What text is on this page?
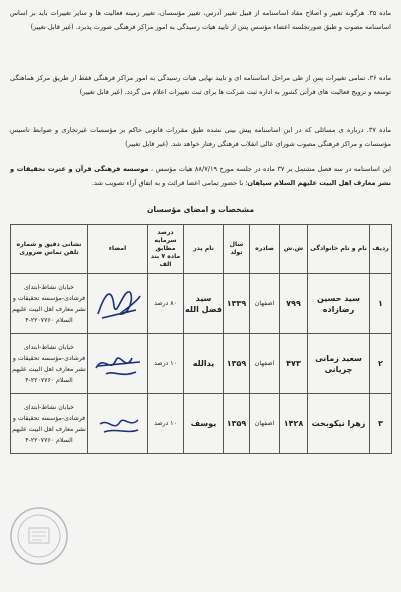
ماده ۳۵. هرگونه تغییر و اصلاح مفاد اساسنامه از قبیل تغییر آدرس، تغییر مؤسسان، تغییر زمینه فعالیت ها و سایر تغییرات باید بر اساس اساسنامه مصوب و طبق صورتجلسه اعضاء مؤسس پس از تایید هیات رسیدگی به امور مراکز فرهنگی صورت پذیرد. (غیر قابل تغییر)
ماده ۳۶. تمامی تغییرات پس از طی مراحل اساسنامه ای و تایید نهایی هیات رسیدگی به امور مراکز فرهنگی فقط از طریق مرکز هماهنگی توسعه و ترویج فعالیت های قرآنی کشور به اداره ثبت شرکت ها برای ثبت تغییرات اعلام می گردد. (غیر قابل تغییر)
ماده ۳۷. درباره ی مسائلی که در این اساسنامه پیش بینی نشده طبق مقررات قانونی حاکم بر مؤسسات غیرتجاری و ضوابط تاسیس مؤسسات و مراکز فرهنگی مصوب شورای عالی انقلاب فرهنگی رفتار خواهد شد. (غیر قابل تغییر)
این اساسنامه در سه فصل مشتمل بر ۳۷ ماده در جلسه مورخ ۸۸/۷/۱۹ هیات مؤسس ، موسسه فرهنگی قرآن و عترت تحقیقات و نشر معارف اهل البیت علیهم السلام سپاهان؛ با حضور تمامی اعضا قرائت و به اتفاق آراء تصویب شد.
مشخصات و امضای مؤسسان
ردیف	نام و نام خانوادگی	ش.ش	صادره	سال تولد	نام پدر	درصد سرمایه مطابق ماده ۷ بند الف	امضاء	نشانی دقیق و شماره تلفن تماس ضروری
۱	سید حسین رضازاده	۷۹۹	اصفهان	۱۳۳۹	سید فضل الله	۸۰ درصد		خیابان نشاط-ابتدای فرشادی-مؤسسه تحقیقات و نشر معارف اهل البیت علیهم السلام ۲۲۰۷۷۶۰-۴
۲	سعید زمانی چریانی	۴۷۳	اصفهان	۱۳۵۹	یدالله	۱۰ درصد		خیابان نشاط-ابتدای فرشادی-مؤسسه تحقیقات و نشر معارف اهل البیت علیهم السلام ۲۲۰۷۷۶۰-۴
۳	زهرا نیکوبخت	۱۴۲۸	اصفهان	۱۳۵۹	یوسف	۱۰ درصد		خیابان نشاط-ابتدای فرشادی-مؤسسه تحقیقات و نشر معارف اهل البیت علیهم السلام ۲۲۰۷۷۶۰-۴
